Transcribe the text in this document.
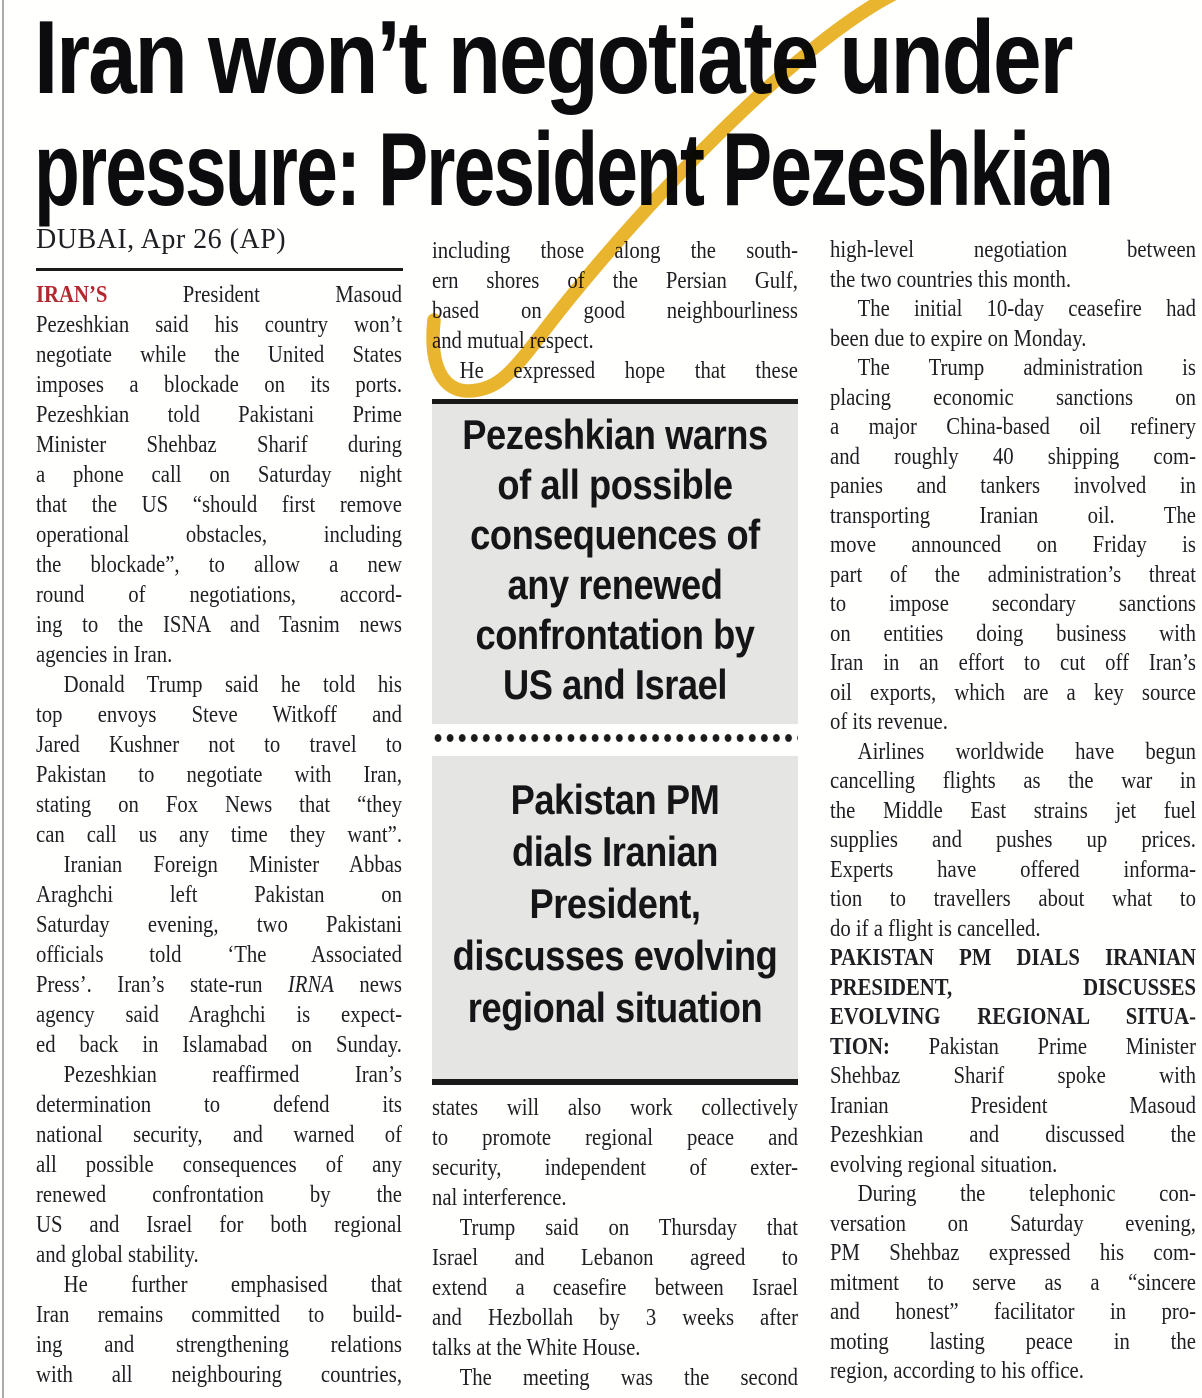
Iran won’t negotiate under
pressure: President Pezeshkian
DUBAI, Apr 26 (AP)
IRAN’S President Masoud
Pezeshkian said his country won’t
negotiate while the United States
imposes a blockade on its ports.
Pezeshkian told Pakistani Prime
Minister Shehbaz Sharif during
a phone call on Saturday night
that the US “should first remove
operational obstacles, including
the blockade”, to allow a new
round of negotiations, accord-
ing to the ISNA and Tasnim news
agencies in Iran.
Donald Trump said he told his
top envoys Steve Witkoff and
Jared Kushner not to travel to
Pakistan to negotiate with Iran,
stating on Fox News that “they
can call us any time they want”.
Iranian Foreign Minister Abbas
Araghchi left Pakistan on
Saturday evening, two Pakistani
officials told ‘The Associated
Press’. Iran’s state-run IRNA news
agency said Araghchi is expect-
ed back in Islamabad on Sunday.
Pezeshkian reaffirmed Iran’s
determination to defend its
national security, and warned of
all possible consequences of any
renewed confrontation by the
US and Israel for both regional
and global stability.
He further emphasised that
Iran remains committed to build-
ing and strengthening relations
with all neighbouring countries,
including those along the south-
ern shores of the Persian Gulf,
based on good neighbourliness
and mutual respect.
He expressed hope that these
Pezeshkian warns
of all possible
consequences of
any renewed
confrontation by
US and Israel
Pakistan PM
dials Iranian
President,
discusses evolving
regional situation
states will also work collectively
to promote regional peace and
security, independent of exter-
nal interference.
Trump said on Thursday that
Israel and Lebanon agreed to
extend a ceasefire between Israel
and Hezbollah by 3 weeks after
talks at the White House.
The meeting was the second
high-level negotiation between
the two countries this month.
The initial 10-day ceasefire had
been due to expire on Monday.
The Trump administration is
placing economic sanctions on
a major China-based oil refinery
and roughly 40 shipping com-
panies and tankers involved in
transporting Iranian oil. The
move announced on Friday is
part of the administration’s threat
to impose secondary sanctions
on entities doing business with
Iran in an effort to cut off Iran’s
oil exports, which are a key source
of its revenue.
Airlines worldwide have begun
cancelling flights as the war in
the Middle East strains jet fuel
supplies and pushes up prices.
Experts have offered informa-
tion to travellers about what to
do if a flight is cancelled.
PAKISTAN PM DIALS IRANIAN
PRESIDENT, DISCUSSES
EVOLVING REGIONAL SITUA-
TION: Pakistan Prime Minister
Shehbaz Sharif spoke with
Iranian President Masoud
Pezeshkian and discussed the
evolving regional situation.
During the telephonic con-
versation on Saturday evening,
PM Shehbaz expressed his com-
mitment to serve as a “sincere
and honest” facilitator in pro-
moting lasting peace in the
region, according to his office.
